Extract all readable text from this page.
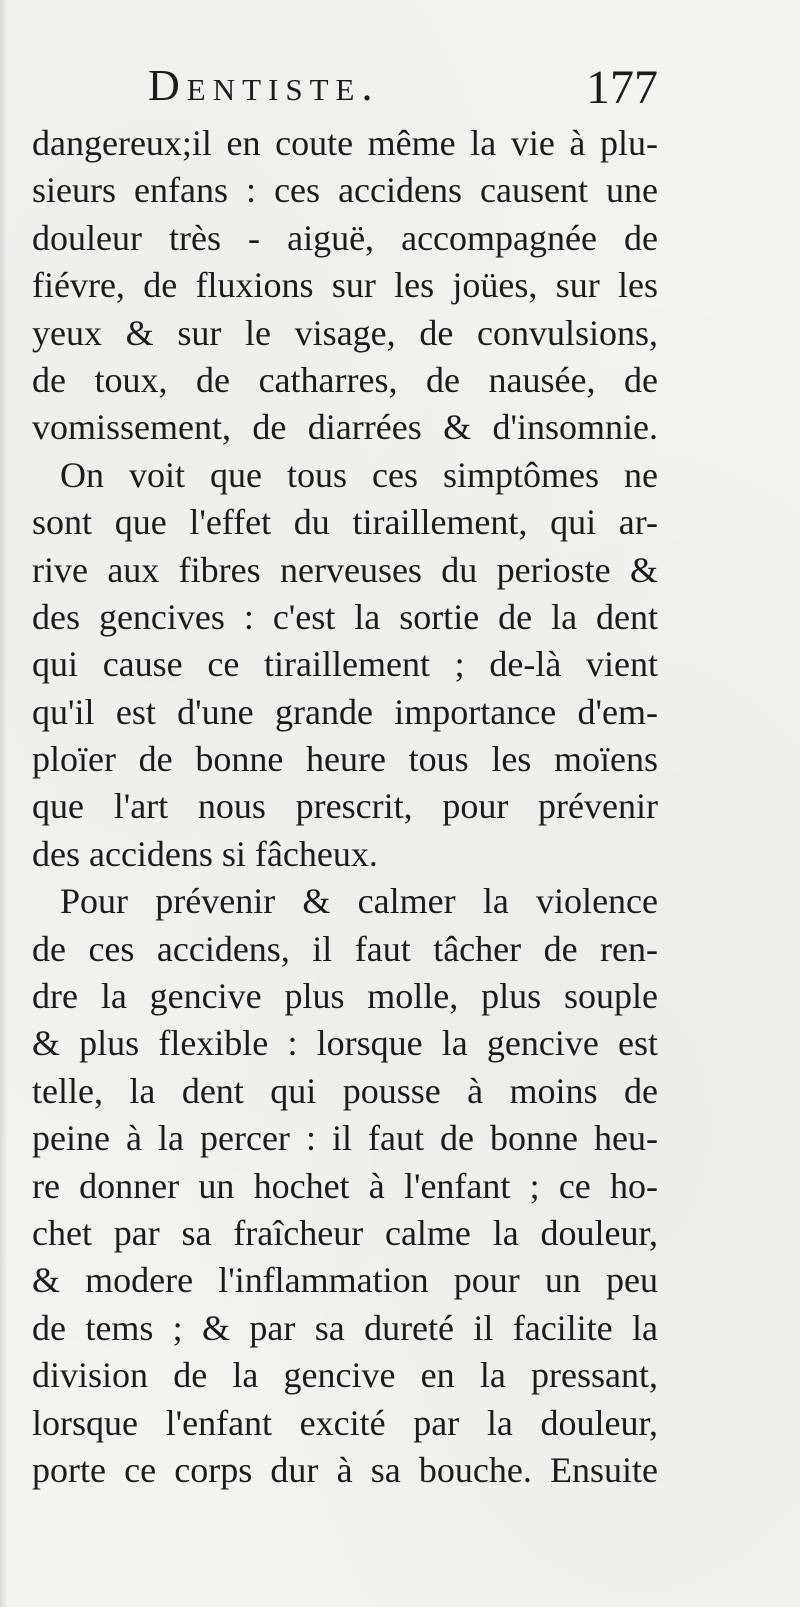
Dentiste.	177
dangereux;il en coute même la vie à plu-
sieurs enfans : ces accidens causent une
douleur très - aiguë, accompagnée de
fiévre, de fluxions sur les joües, sur les
yeux & sur le visage, de convulsions,
de toux, de catharres, de nausée, de
vomissement, de diarrées & d'insomnie.
On voit que tous ces simptômes ne
sont que l'effet du tiraillement, qui ar-
rive aux fibres nerveuses du perioste &
des gencives : c'est la sortie de la dent
qui cause ce tiraillement ; de-là vient
qu'il est d'une grande importance d'em-
ploïer de bonne heure tous les moïens
que l'art nous prescrit, pour prévenir
des accidens si fâcheux.
Pour prévenir & calmer la violence
de ces accidens, il faut tâcher de ren-
dre la gencive plus molle, plus souple
& plus flexible : lorsque la gencive est
telle, la dent qui pousse à moins de
peine à la percer : il faut de bonne heu-
re donner un hochet à l'enfant ; ce ho-
chet par sa fraîcheur calme la douleur,
& modere l'inflammation pour un peu
de tems ; & par sa dureté il facilite la
division de la gencive en la pressant,
lorsque l'enfant excité par la douleur,
porte ce corps dur à sa bouche. Ensuite
